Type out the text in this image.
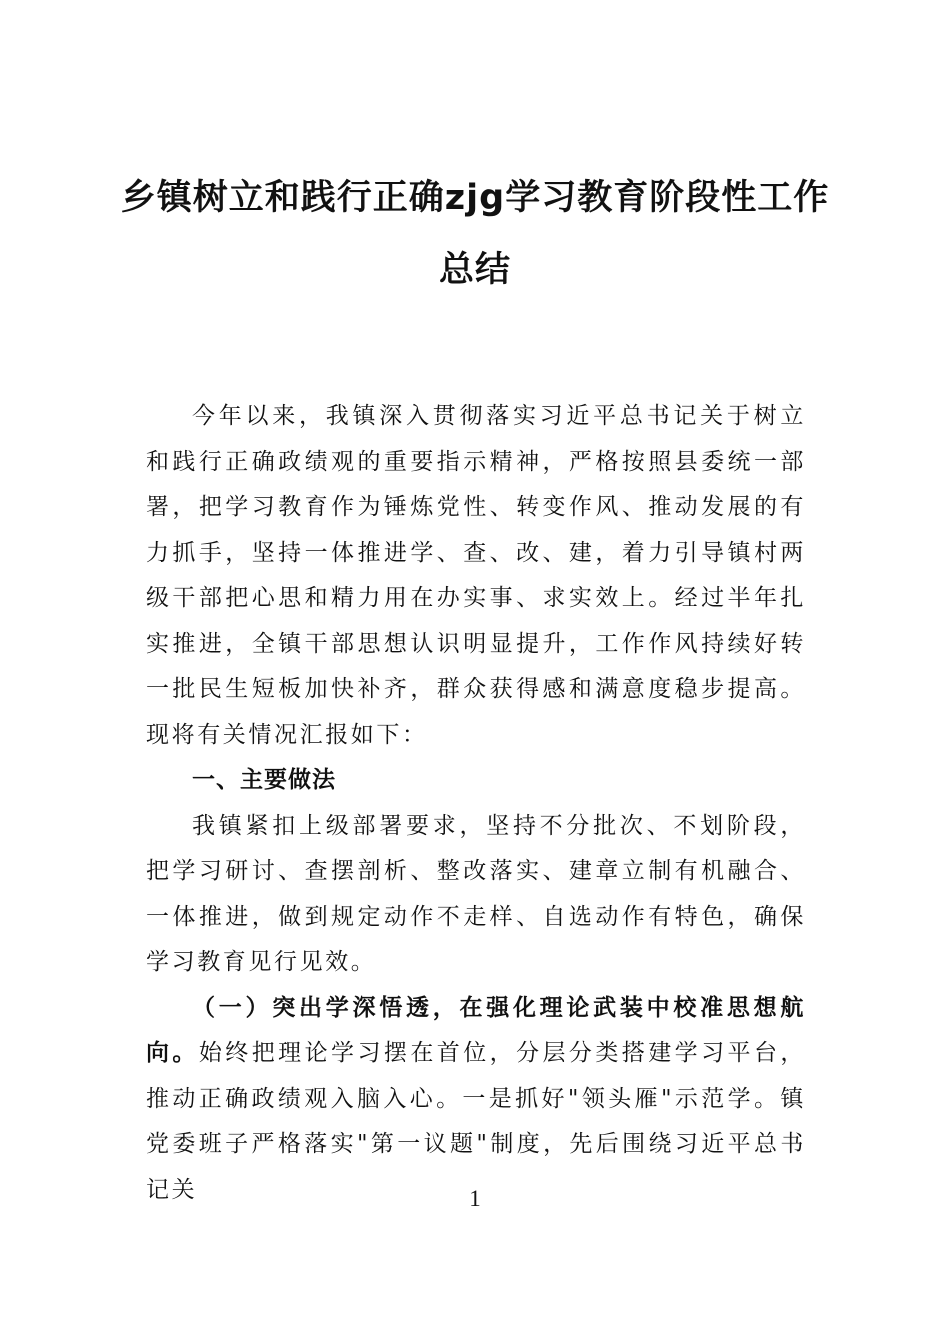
乡镇树立和践行正确zjg学习教育阶段性工作总结

今年以来，我镇深入贯彻落实习近平总书记关于树立和践行正确政绩观的重要指示精神，严格按照县委统一部署，把学习教育作为锤炼党性、转变作风、推动发展的有力抓手，坚持一体推进学、查、改、建，着力引导镇村两级干部把心思和精力用在办实事、求实效上。经过半年扎实推进，全镇干部思想认识明显提升，工作作风持续好转一批民生短板加快补齐，群众获得感和满意度稳步提高。现将有关情况汇报如下：

一、主要做法

我镇紧扣上级部署要求，坚持不分批次、不划阶段，把学习研讨、查摆剖析、整改落实、建章立制有机融合、一体推进，做到规定动作不走样、自选动作有特色，确保学习教育见行见效。

（一）突出学深悟透，在强化理论武装中校准思想航向。始终把理论学习摆在首位，分层分类搭建学习平台，推动正确政绩观入脑入心。一是抓好"领头雁"示范学。镇党委班子严格落实"第一议题"制度，先后围绕习近平总书记关	1
